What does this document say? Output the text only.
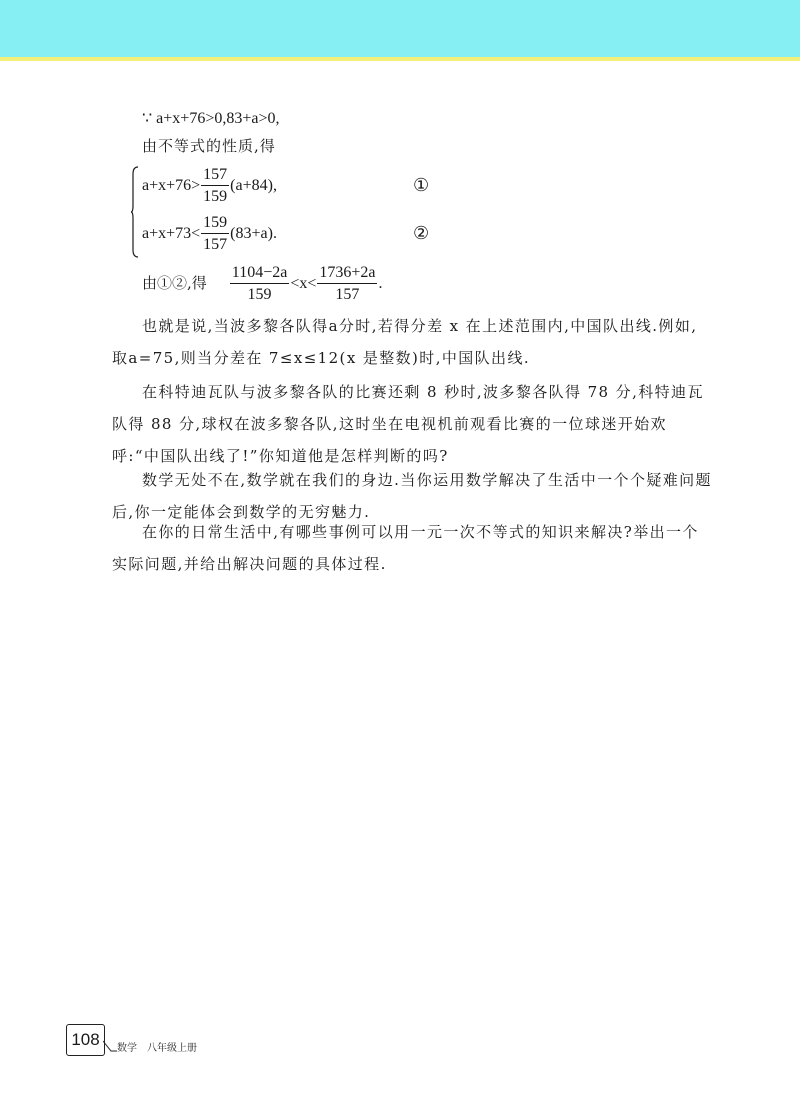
∵ a+x+76>0,83+a>0,
由不等式的性质,得
$a+x+76> \frac{157}{159} (a+84)$,	①
$a+x+73< \frac{159}{157} (83+a)$.	②
由①②,得 $\frac{1104-2a}{159} <x< \frac{1736+2a}{157}$ .
也就是说,当波多黎各队得a分时,若得分差 x 在上述范围内,中国队出线.例如,取a=75,则当分差在 7≤x≤12(x 是整数)时,中国队出线.
在科特迪瓦队与波多黎各队的比赛还剩 8 秒时,波多黎各队得 78 分,科特迪瓦队得 88 分,球权在波多黎各队,这时坐在电视机前观看比赛的一位球迷开始欢呼:“中国队出线了!”你知道他是怎样判断的吗?
数学无处不在,数学就在我们的身边.当你运用数学解决了生活中一个个疑难问题后,你一定能体会到数学的无穷魅力.
在你的日常生活中,有哪些事例可以用一元一次不等式的知识来解决?举出一个实际问题,并给出解决问题的具体过程.
108	数学 八年级上册
